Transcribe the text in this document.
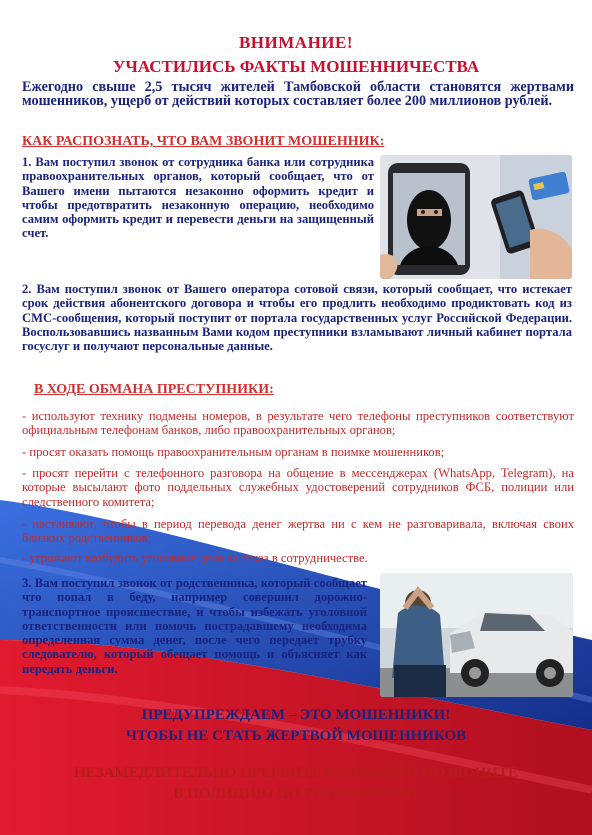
ВНИМАНИЕ!

УЧАСТИЛИСЬ ФАКТЫ МОШЕННИЧЕСТВА

Ежегодно свыше 2,5 тысяч жителей Тамбовской области становятся жертвами мошенников, ущерб от действий которых составляет более 200 миллионов рублей.

КАК РАСПОЗНАТЬ, ЧТО ВАМ ЗВОНИТ МОШЕННИК:

1. Вам поступил звонок от сотрудника банка или сотрудника правоохранительных органов, который сообщает, что от Вашего имени пытаются незаконно оформить кредит и чтобы предотвратить незаконную операцию, необходимо самим оформить кредит и перевести деньги на защищенный счет.

2. Вам поступил звонок от Вашего оператора сотовой связи, который сообщает, что истекает срок действия абонентского договора и чтобы его продлить необходимо продиктовать код из СМС-сообщения, который поступит от портала государственных услуг Российской Федерации. Воспользовавшись названным Вами кодом преступники взламывают личный кабинет портала госуслуг и получают персональные данные.

В ХОДЕ ОБМАНА ПРЕСТУПНИКИ:

- используют технику подмены номеров, в результате чего телефоны преступников соответствуют официальным телефонам банков, либо правоохранительных органов;

- просят оказать помощь правоохранительным органам в поимке мошенников;

- просят перейти с телефонного разговора на общение в мессенджерах (WhatsApp, Telegram), на которые высылают фото поддельных служебных удостоверений сотрудников ФСБ, полиции или следственного комитета;

- настаивают, чтобы в период перевода денег жертва ни с кем не разговаривала, включая своих близких родственников;

- угрожают возбудить уголовное дело за отказ в сотрудничестве.

3. Вам поступил звонок от родственника, который сообщает что попал в беду, например совершил дорожно-транспортное происшествие, и чтобы избежать уголовной ответственности или помочь пострадавшему необходима определенная сумма денег, после чего передает трубку следователю, который обещает помощь и объясняет как передать деньги.

ПРЕДУПРЕЖДАЕМ – ЭТО МОШЕННИКИ!

ЧТОБЫ НЕ СТАТЬ ЖЕРТВОЙ МОШЕННИКОВ

НЕЗАМЕДЛИТЕЛЬНО ПРЕРВИТЕ РАЗГОВОР И ПОЗВОНИТЕ

В ПОЛИЦИЮ ПО ТЕЛЕФОНУ 102
